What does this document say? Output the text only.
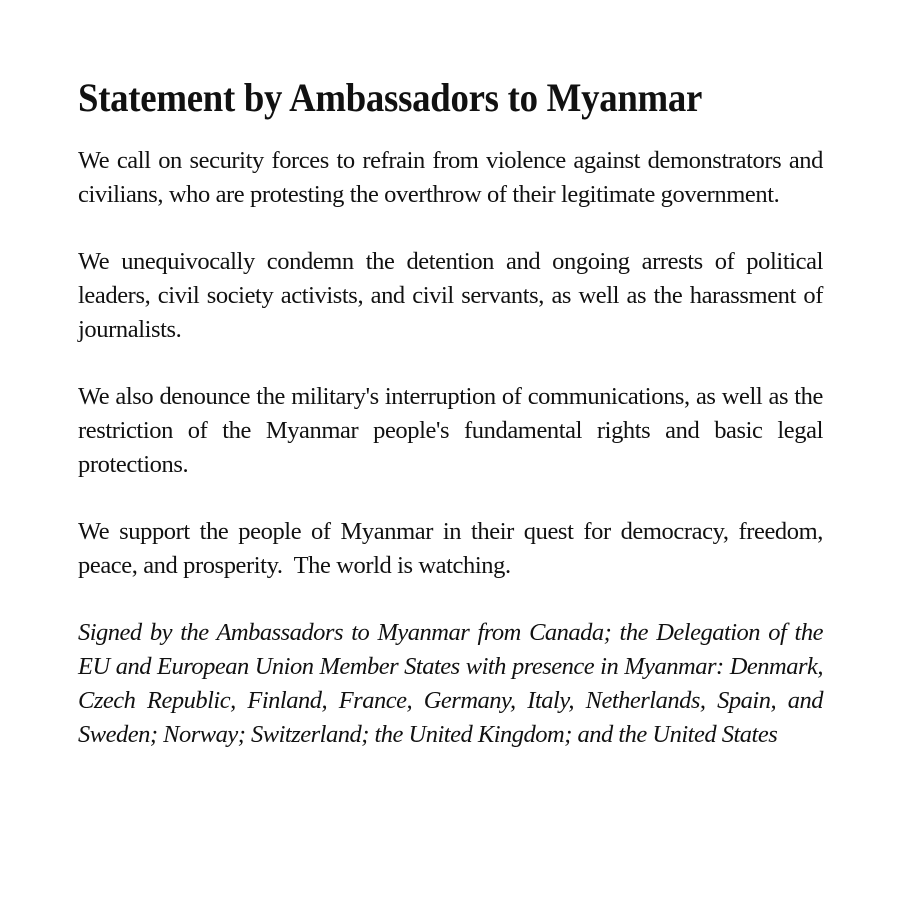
Statement by Ambassadors to Myanmar

We call on security forces to refrain from violence against demonstrators and civilians, who are protesting the overthrow of their legitimate government.

We unequivocally condemn the detention and ongoing arrests of political leaders, civil society activists, and civil servants, as well as the harassment of journalists.

We also denounce the military's interruption of communications, as well as the restriction of the Myanmar people's fundamental rights and basic legal protections.

We support the people of Myanmar in their quest for democracy, freedom, peace, and prosperity.  The world is watching.

Signed by the Ambassadors to Myanmar from Canada; the Delegation of the EU and European Union Member States with presence in Myanmar: Denmark, Czech Republic, Finland, France, Germany, Italy, Netherlands, Spain, and Sweden; Norway; Switzerland; the United Kingdom; and the United States
